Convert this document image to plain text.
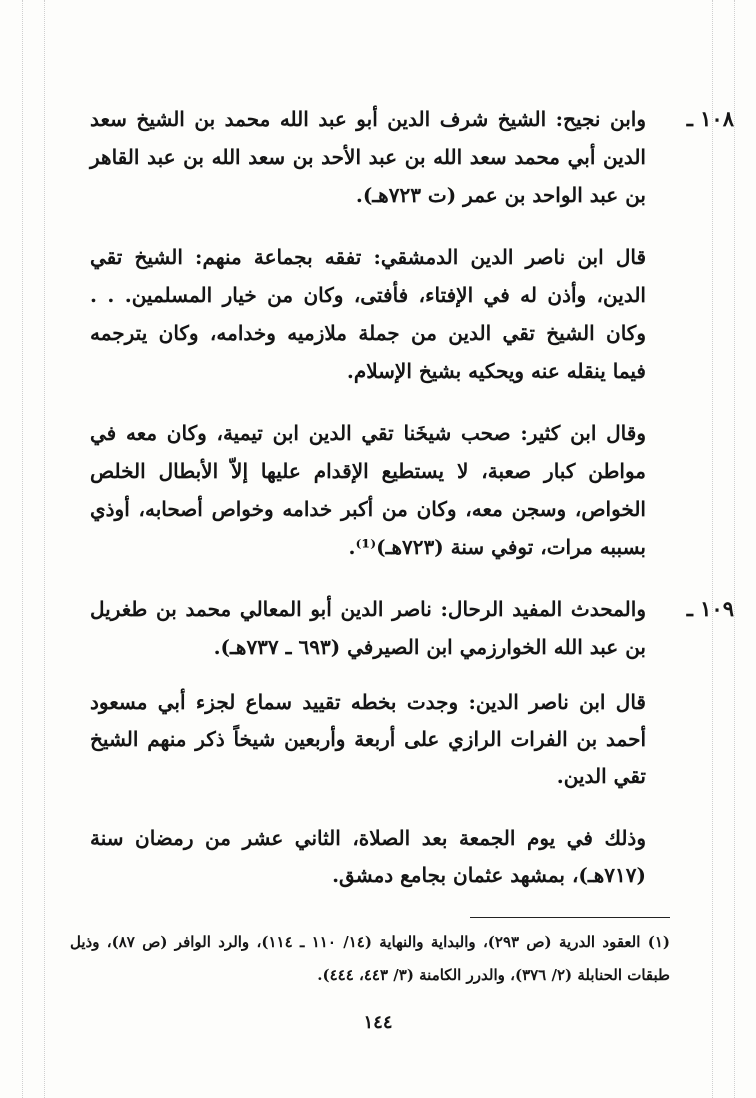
١٠٨ ـ
وابن نجيح: الشيخ شرف الدين أبو عبد الله محمد بن الشيخ سعد الدين أبي محمد سعد الله بن عبد الأحد بن سعد الله بن عبد القاهر بن عبد الواحد بن عمر (ت ٧٢٣هـ).
قال ابن ناصر الدين الدمشقي: تفقه بجماعة منهم: الشيخ تقي الدين، وأذن له في الإفتاء، فأفتى، وكان من خيار المسلمين. . . وكان الشيخ تقي الدين من جملة ملازميه وخدامه، وكان يترجمه فيما ينقله عنه ويحكيه بشيخ الإسلام.
وقال ابن كثير: صحب شيخَنا تقي الدين ابن تيمية، وكان معه في مواطن كبار صعبة، لا يستطيع الإقدام عليها إلاّ الأبطال الخلص الخواص، وسجن معه، وكان من أكبر خدامه وخواص أصحابه، أوذي بسببه مرات، توفي سنة (٧٢٣هـ)⁽¹⁾.
١٠٩ ـ
والمحدث المفيد الرحال: ناصر الدين أبو المعالي محمد بن طغريل بن عبد الله الخوارزمي ابن الصيرفي (٦٩٣ ـ ٧٣٧هـ).
قال ابن ناصر الدين: وجدت بخطه تقييد سماع لجزء أبي مسعود أحمد بن الفرات الرازي على أربعة وأربعين شيخاً ذكر منهم الشيخ تقي الدين.
وذلك في يوم الجمعة بعد الصلاة، الثاني عشر من رمضان سنة (٧١٧هـ)، بمشهد عثمان بجامع دمشق.
(١) العقود الدرية (ص ٢٩٣)، والبداية والنهاية (١٤/ ١١٠ ـ ١١٤)، والرد الوافر (ص ٨٧)، وذيل طبقات الحنابلة (٢/ ٣٧٦)، والدرر الكامنة (٣/ ٤٤٣، ٤٤٤).
١٤٤
